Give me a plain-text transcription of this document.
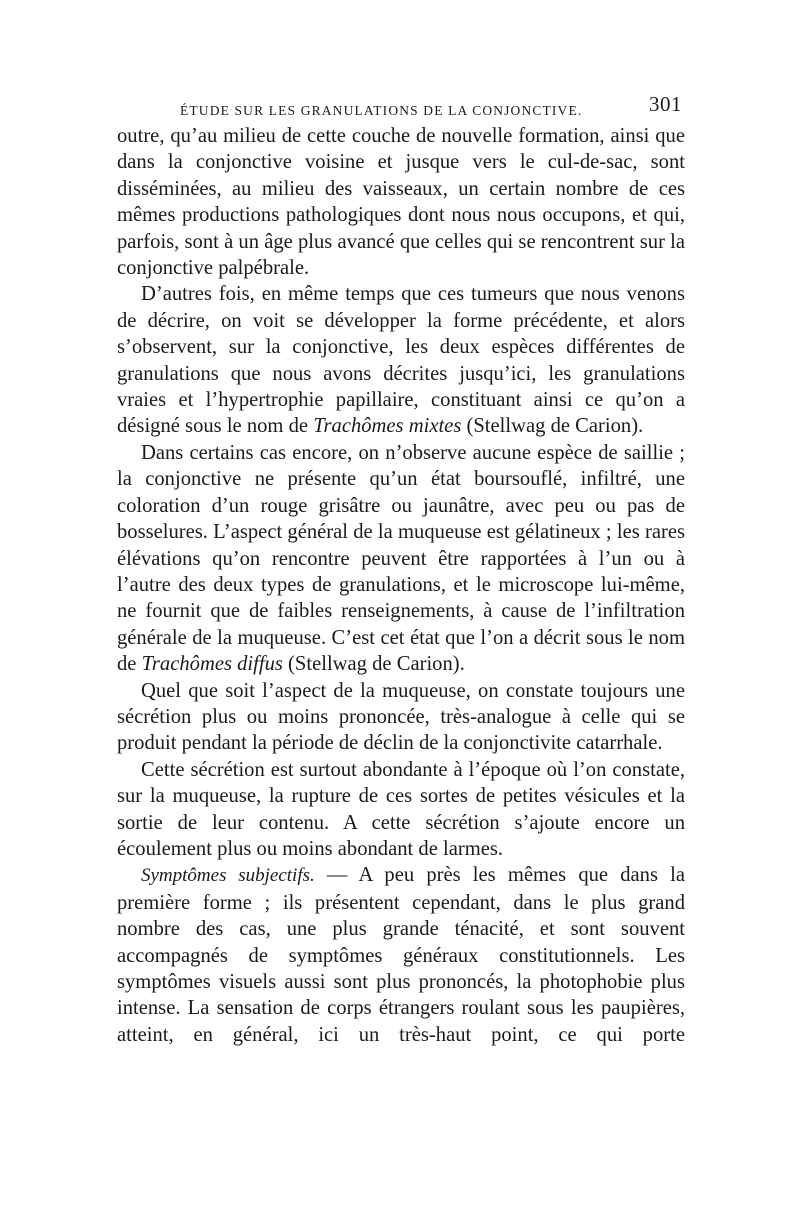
ÉTUDE SUR LES GRANULATIONS DE LA CONJONCTIVE.	301

outre, qu’au milieu de cette couche de nouvelle formation, ainsi que dans la conjonctive voisine et jusque vers le cul-de-sac, sont disséminées, au milieu des vaisseaux, un certain nombre de ces mêmes productions pathologiques dont nous nous occupons, et qui, parfois, sont à un âge plus avancé que celles qui se rencontrent sur la conjonctive palpébrale.

D’autres fois, en même temps que ces tumeurs que nous venons de décrire, on voit se développer la forme précédente, et alors s’observent, sur la conjonctive, les deux espèces différentes de granulations que nous avons décrites jusqu’ici, les granulations vraies et l’hypertrophie papillaire, constituant ainsi ce qu’on a désigné sous le nom de Trachômes mixtes (Stellwag de Carion).

Dans certains cas encore, on n’observe aucune espèce de saillie ; la conjonctive ne présente qu’un état boursouflé, infiltré, une coloration d’un rouge grisâtre ou jaunâtre, avec peu ou pas de bosselures. L’aspect général de la muqueuse est gélatineux ; les rares élévations qu’on rencontre peuvent être rapportées à l’un ou à l’autre des deux types de granulations, et le microscope lui-même, ne fournit que de faibles renseignements, à cause de l’infiltration générale de la muqueuse. C’est cet état que l’on a décrit sous le nom de Trachômes diffus (Stellwag de Carion).

Quel que soit l’aspect de la muqueuse, on constate toujours une sécrétion plus ou moins prononcée, très-analogue à celle qui se produit pendant la période de déclin de la conjonctivite catarrhale.

Cette sécrétion est surtout abondante à l’époque où l’on constate, sur la muqueuse, la rupture de ces sortes de petites vésicules et la sortie de leur contenu. A cette sécrétion s’ajoute encore un écoulement plus ou moins abondant de larmes.

Symptômes subjectifs. — A peu près les mêmes que dans la première forme ; ils présentent cependant, dans le plus grand nombre des cas, une plus grande ténacité, et sont souvent accompagnés de symptômes généraux constitutionnels. Les symptômes visuels aussi sont plus prononcés, la photophobie plus intense. La sensation de corps étrangers roulant sous les paupières, atteint, en général, ici un très-haut point, ce qui porte
